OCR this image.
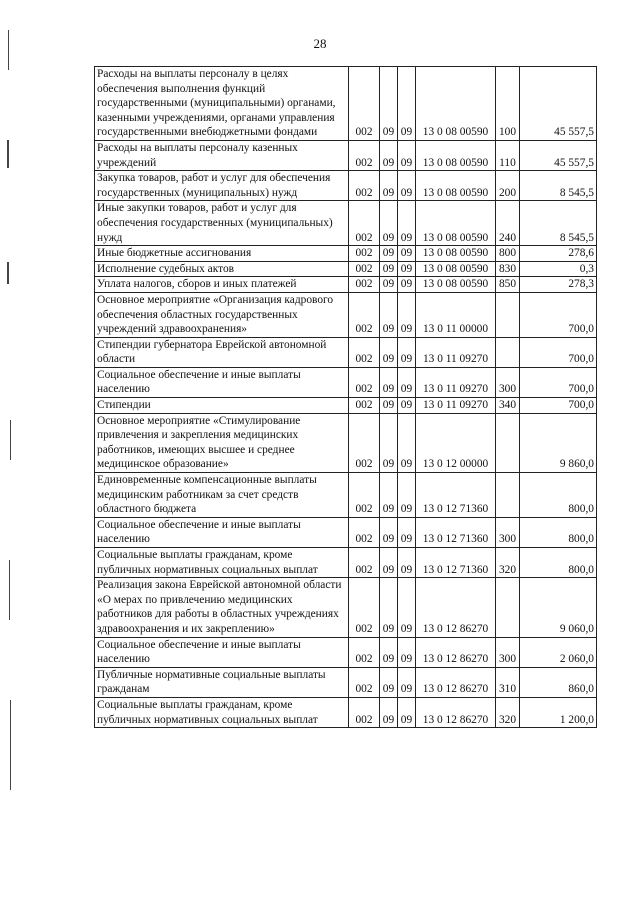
28
Расходы на выплаты персоналу в целях обеспечения выполнения функций государственными (муниципальными) органами, казенными учреждениями, органами управления государственными внебюджетными фондами	002	09	09	13 0 08 00590	100	45 557,5
Расходы на выплаты персоналу казенных учреждений	002	09	09	13 0 08 00590	110	45 557,5
Закупка товаров, работ и услуг для обеспечения государственных (муниципальных) нужд	002	09	09	13 0 08 00590	200	8 545,5
Иные закупки товаров, работ и услуг для обеспечения государственных (муниципальных) нужд	002	09	09	13 0 08 00590	240	8 545,5
Иные бюджетные ассигнования	002	09	09	13 0 08 00590	800	278,6
Исполнение судебных актов	002	09	09	13 0 08 00590	830	0,3
Уплата налогов, сборов и иных платежей	002	09	09	13 0 08 00590	850	278,3
Основное мероприятие «Организация кадрового обеспечения областных государственных учреждений здравоохранения»	002	09	09	13 0 11 00000		700,0
Стипендии губернатора Еврейской автономной области	002	09	09	13 0 11 09270		700,0
Социальное обеспечение и иные выплаты населению	002	09	09	13 0 11 09270	300	700,0
Стипендии	002	09	09	13 0 11 09270	340	700,0
Основное мероприятие «Стимулирование привлечения и закрепления медицинских работников, имеющих высшее и среднее медицинское образование»	002	09	09	13 0 12 00000		9 860,0
Единовременные компенсационные выплаты медицинским работникам за счет средств областного бюджета	002	09	09	13 0 12 71360		800,0
Социальное обеспечение и иные выплаты населению	002	09	09	13 0 12 71360	300	800,0
Социальные выплаты гражданам, кроме публичных нормативных социальных выплат	002	09	09	13 0 12 71360	320	800,0
Реализация закона Еврейской автономной области «О мерах по привлечению медицинских работников для работы в областных учреждениях здравоохранения и их закреплению»	002	09	09	13 0 12 86270		9 060,0
Социальное обеспечение и иные выплаты населению	002	09	09	13 0 12 86270	300	2 060,0
Публичные нормативные социальные выплаты гражданам	002	09	09	13 0 12 86270	310	860,0
Социальные выплаты гражданам, кроме публичных нормативных социальных выплат	002	09	09	13 0 12 86270	320	1 200,0
